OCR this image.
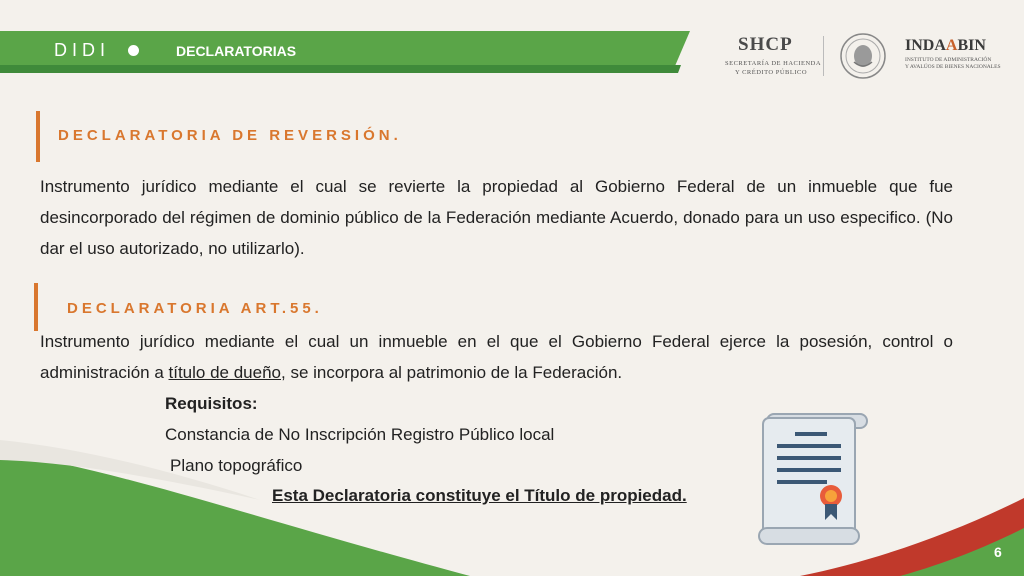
DIDI	DECLARATORIAS	SHCP
SECRETARÍA DE HACIENDA
Y CRÉDITO PÚBLICO
INDAABIN
INSTITUTO DE ADMINISTRACIÓN
Y AVALÚOS DE BIENES NACIONALES
DECLARATORIA DE REVERSIÓN.
Instrumento jurídico mediante el cual se revierte la propiedad al Gobierno Federal de un inmueble que fue desincorporado del régimen de dominio público de la Federación mediante Acuerdo, donado para un uso especifico. (No dar el uso autorizado, no utilizarlo).
DECLARATORIA ART.55.
Instrumento jurídico mediante el cual un inmueble en el que el Gobierno Federal ejerce la posesión, control o administración a título de dueño, se incorpora al patrimonio de la Federación.
Requisitos:
Constancia de No Inscripción Registro Público local
Plano topográfico
Esta Declaratoria constituye el Título de propiedad.
6
